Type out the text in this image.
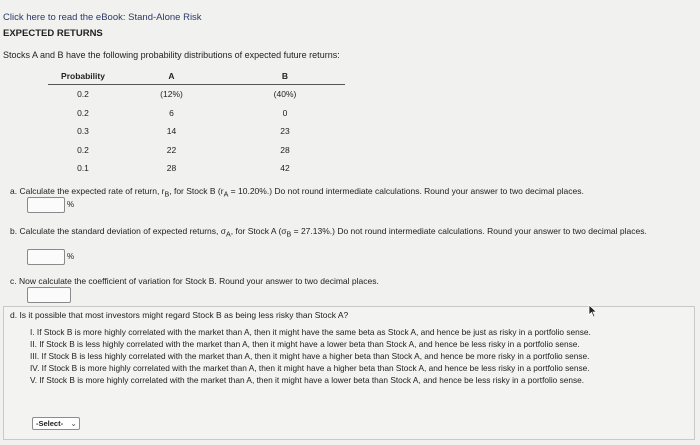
Click here to read the eBook: Stand-Alone Risk
EXPECTED RETURNS
Stocks A and B have the following probability distributions of expected future returns:
Probability	A	B
0.2	(12%)	(40%)
0.2	6	0
0.3	14	23
0.2	22	28
0.1	28	42
a. Calculate the expected rate of return, $r_B$, for Stock B $(r_A = 10.20\%.)$ Do not round intermediate calculations. Round your answer to two decimal places.
%
b. Calculate the standard deviation of expected returns, $\sigma_A$, for Stock A $(\sigma_B = 27.13\%.)$ Do not round intermediate calculations. Round your answer to two decimal places.
%
c. Now calculate the coefficient of variation for Stock B. Round your answer to two decimal places.
d. Is it possible that most investors might regard Stock B as being less risky than Stock A?
I. If Stock B is more highly correlated with the market than A, then it might have the same beta as Stock A, and hence be just as risky in a portfolio sense.
II. If Stock B is less highly correlated with the market than A, then it might have a lower beta than Stock A, and hence be less risky in a portfolio sense.
III. If Stock B is less highly correlated with the market than A, then it might have a higher beta than Stock A, and hence be more risky in a portfolio sense.
IV. If Stock B is more highly correlated with the market than A, then it might have a higher beta than Stock A, and hence be less risky in a portfolio sense.
V. If Stock B is more highly correlated with the market than A, then it might have a lower beta than Stock A, and hence be less risky in a portfolio sense.
-Select- ⌄
